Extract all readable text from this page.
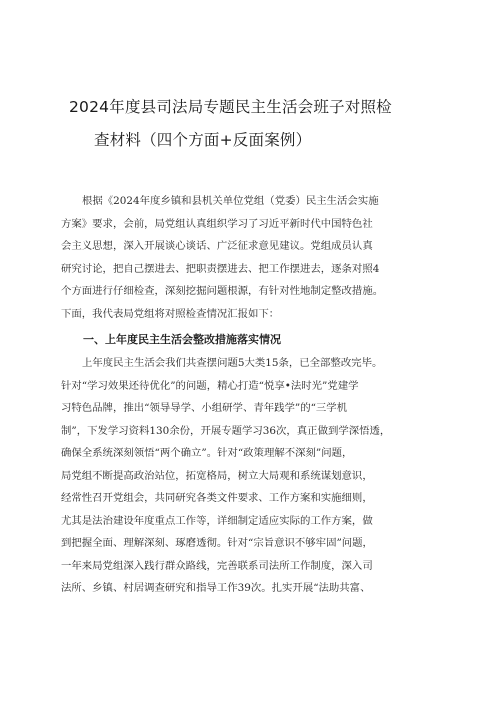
2024年度县司法局专题民主生活会班子对照检
查材料（四个方面+反面案例）

根据《2024年度乡镇和县机关单位党组（党委）民主生活会实施
方案》要求，会前，局党组认真组织学习了习近平新时代中国特色社
会主义思想，深入开展谈心谈话、广泛征求意见建议。党组成员认真
研究讨论，把自己摆进去、把职责摆进去、把工作摆进去，逐条对照4
个方面进行仔细检查，深刻挖掘问题根源，有针对性地制定整改措施。
下面，我代表局党组将对照检查情况汇报如下：

一、上年度民主生活会整改措施落实情况

上年度民主生活会我们共查摆问题5大类15条，已全部整改完毕。
针对“学习效果还待优化”的问题，精心打造“悦享•法时光”党建学
习特色品牌，推出“领导导学、小组研学、青年践学”的“三学机
制”，下发学习资料130余份，开展专题学习36次，真正做到学深悟透，
确保全系统深刻领悟“两个确立”。针对“政策理解不深刻”问题，
局党组不断提高政治站位，拓宽格局，树立大局观和系统谋划意识，
经常性召开党组会，共同研究各类文件要求、工作方案和实施细则，
尤其是法治建设年度重点工作等，详细制定适应实际的工作方案，做
到把握全面、理解深刻、琢磨透彻。针对“宗旨意识不够牢固”问题，
一年来局党组深入践行群众路线，完善联系司法所工作制度，深入司
法所、乡镇、村居调查研究和指导工作39次。扎实开展“法助共富、
